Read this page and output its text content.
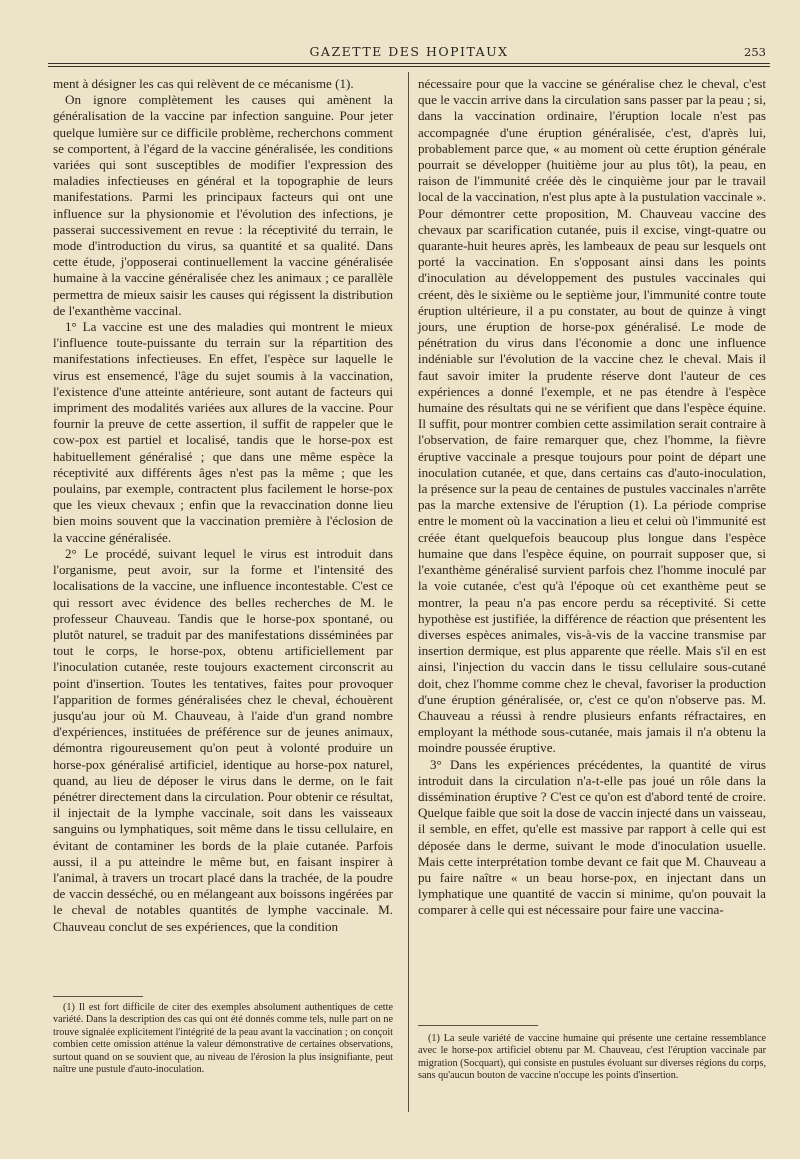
GAZETTE DES HOPITAUX	253

ment à désigner les cas qui relèvent de ce mécanisme (1).

On ignore complètement les causes qui amènent la généralisation de la vaccine par infection sanguine. Pour jeter quelque lumière sur ce difficile problème, recherchons comment se comportent, à l'égard de la vaccine généralisée, les conditions variées qui sont susceptibles de modifier l'expression des maladies infectieuses en général et la topographie de leurs manifestations. Parmi les principaux facteurs qui ont une influence sur la physionomie et l'évolution des infections, je passerai successivement en revue : la réceptivité du terrain, le mode d'introduction du virus, sa quantité et sa qualité. Dans cette étude, j'opposerai continuellement la vaccine généralisée humaine à la vaccine généralisée chez les animaux ; ce parallèle permettra de mieux saisir les causes qui régissent la distribution de l'exanthème vaccinal.

1° La vaccine est une des maladies qui montrent le mieux l'influence toute-puissante du terrain sur la répartition des manifestations infectieuses. En effet, l'espèce sur laquelle le virus est ensemencé, l'âge du sujet soumis à la vaccination, l'existence d'une atteinte antérieure, sont autant de facteurs qui impriment des modalités variées aux allures de la vaccine. Pour fournir la preuve de cette assertion, il suffit de rappeler que le cow-pox est partiel et localisé, tandis que le horse-pox est habituellement généralisé ; que dans une même espèce la réceptivité aux différents âges n'est pas la même ; que les poulains, par exemple, contractent plus facilement le horse-pox que les vieux chevaux ; enfin que la revaccination donne lieu bien moins souvent que la vaccination première à l'éclosion de la vaccine généralisée.

2° Le procédé, suivant lequel le virus est introduit dans l'organisme, peut avoir, sur la forme et l'intensité des localisations de la vaccine, une influence incontestable. C'est ce qui ressort avec évidence des belles recherches de M. le professeur Chauveau. Tandis que le horse-pox spontané, ou plutôt naturel, se traduit par des manifestations disséminées par tout le corps, le horse-pox, obtenu artificiellement par l'inoculation cutanée, reste toujours exactement circonscrit au point d'insertion. Toutes les tentatives, faites pour provoquer l'apparition de formes généralisées chez le cheval, échouèrent jusqu'au jour où M. Chauveau, à l'aide d'un grand nombre d'expériences, instituées de préférence sur de jeunes animaux, démontra rigoureusement qu'on peut à volonté produire un horse-pox généralisé artificiel, identique au horse-pox naturel, quand, au lieu de déposer le virus dans le derme, on le fait pénétrer directement dans la circulation. Pour obtenir ce résultat, il injectait de la lymphe vaccinale, soit dans les vaisseaux sanguins ou lymphatiques, soit même dans le tissu cellulaire, en évitant de contaminer les bords de la plaie cutanée. Parfois aussi, il a pu atteindre le même but, en faisant inspirer à l'animal, à travers un trocart placé dans la trachée, de la poudre de vaccin desséché, ou en mélangeant aux boissons ingérées par le cheval de notables quantités de lymphe vaccinale. M. Chauveau conclut de ses expériences, que la condition

nécessaire pour que la vaccine se généralise chez le cheval, c'est que le vaccin arrive dans la circulation sans passer par la peau ; si, dans la vaccination ordinaire, l'éruption locale n'est pas accompagnée d'une éruption généralisée, c'est, d'après lui, probablement parce que, « au moment où cette éruption générale pourrait se développer (huitième jour au plus tôt), la peau, en raison de l'immunité créée dès le cinquième jour par le travail local de la vaccination, n'est plus apte à la pustulation vaccinale ». Pour démontrer cette proposition, M. Chauveau vaccine des chevaux par scarification cutanée, puis il excise, vingt-quatre ou quarante-huit heures après, les lambeaux de peau sur lesquels ont porté la vaccination. En s'opposant ainsi dans les points d'inoculation au développement des pustules vaccinales qui créent, dès le sixième ou le septième jour, l'immunité contre toute éruption ultérieure, il a pu constater, au bout de quinze à vingt jours, une éruption de horse-pox généralisé. Le mode de pénétration du virus dans l'économie a donc une influence indéniable sur l'évolution de la vaccine chez le cheval. Mais il faut savoir imiter la prudente réserve dont l'auteur de ces expériences a donné l'exemple, et ne pas étendre à l'espèce humaine des résultats qui ne se vérifient que dans l'espèce équine. Il suffit, pour montrer combien cette assimilation serait contraire à l'observation, de faire remarquer que, chez l'homme, la fièvre éruptive vaccinale a presque toujours pour point de départ une inoculation cutanée, et que, dans certains cas d'auto-inoculation, la présence sur la peau de centaines de pustules vaccinales n'arrête pas la marche extensive de l'éruption (1). La période comprise entre le moment où la vaccination a lieu et celui où l'immunité est créée étant quelquefois beaucoup plus longue dans l'espèce humaine que dans l'espèce équine, on pourrait supposer que, si l'exanthème généralisé survient parfois chez l'homme inoculé par la voie cutanée, c'est qu'à l'époque où cet exanthème peut se montrer, la peau n'a pas encore perdu sa réceptivité. Si cette hypothèse est justifiée, la différence de réaction que présentent les diverses espèces animales, vis-à-vis de la vaccine transmise par insertion dermique, est plus apparente que réelle. Mais s'il en est ainsi, l'injection du vaccin dans le tissu cellulaire sous-cutané doit, chez l'homme comme chez le cheval, favoriser la production d'une éruption généralisée, or, c'est ce qu'on n'observe pas. M. Chauveau a réussi à rendre plusieurs enfants réfractaires, en employant la méthode sous-cutanée, mais jamais il n'a obtenu la moindre poussée éruptive.

3° Dans les expériences précédentes, la quantité de virus introduit dans la circulation n'a-t-elle pas joué un rôle dans la dissémination éruptive ? C'est ce qu'on est d'abord tenté de croire. Quelque faible que soit la dose de vaccin injecté dans un vaisseau, il semble, en effet, qu'elle est massive par rapport à celle qui est déposée dans le derme, suivant le mode d'inoculation usuelle. Mais cette interprétation tombe devant ce fait que M. Chauveau a pu faire naître « un beau horse-pox, en injectant dans un lymphatique une quantité de vaccin si minime, qu'on pouvait la comparer à celle qui est nécessaire pour faire une vaccina-

(1) Il est fort difficile de citer des exemples absolument authentiques de cette variété. Dans la description des cas qui ont été donnés comme tels, nulle part on ne trouve signalée explicitement l'intégrité de la peau avant la vaccination ; on conçoit combien cette omission atténue la valeur démonstrative de certaines observations, surtout quand on se souvient que, au niveau de l'érosion la plus insignifiante, peut naître une pustule d'auto-inoculation.

(1) La seule variété de vaccine humaine qui présente une certaine ressemblance avec le horse-pox artificiel obtenu par M. Chauveau, c'est l'éruption vaccinale par migration (Socquart), qui consiste en pustules évoluant sur diverses régions du corps, sans qu'aucun bouton de vaccine n'occupe les points d'insertion.
